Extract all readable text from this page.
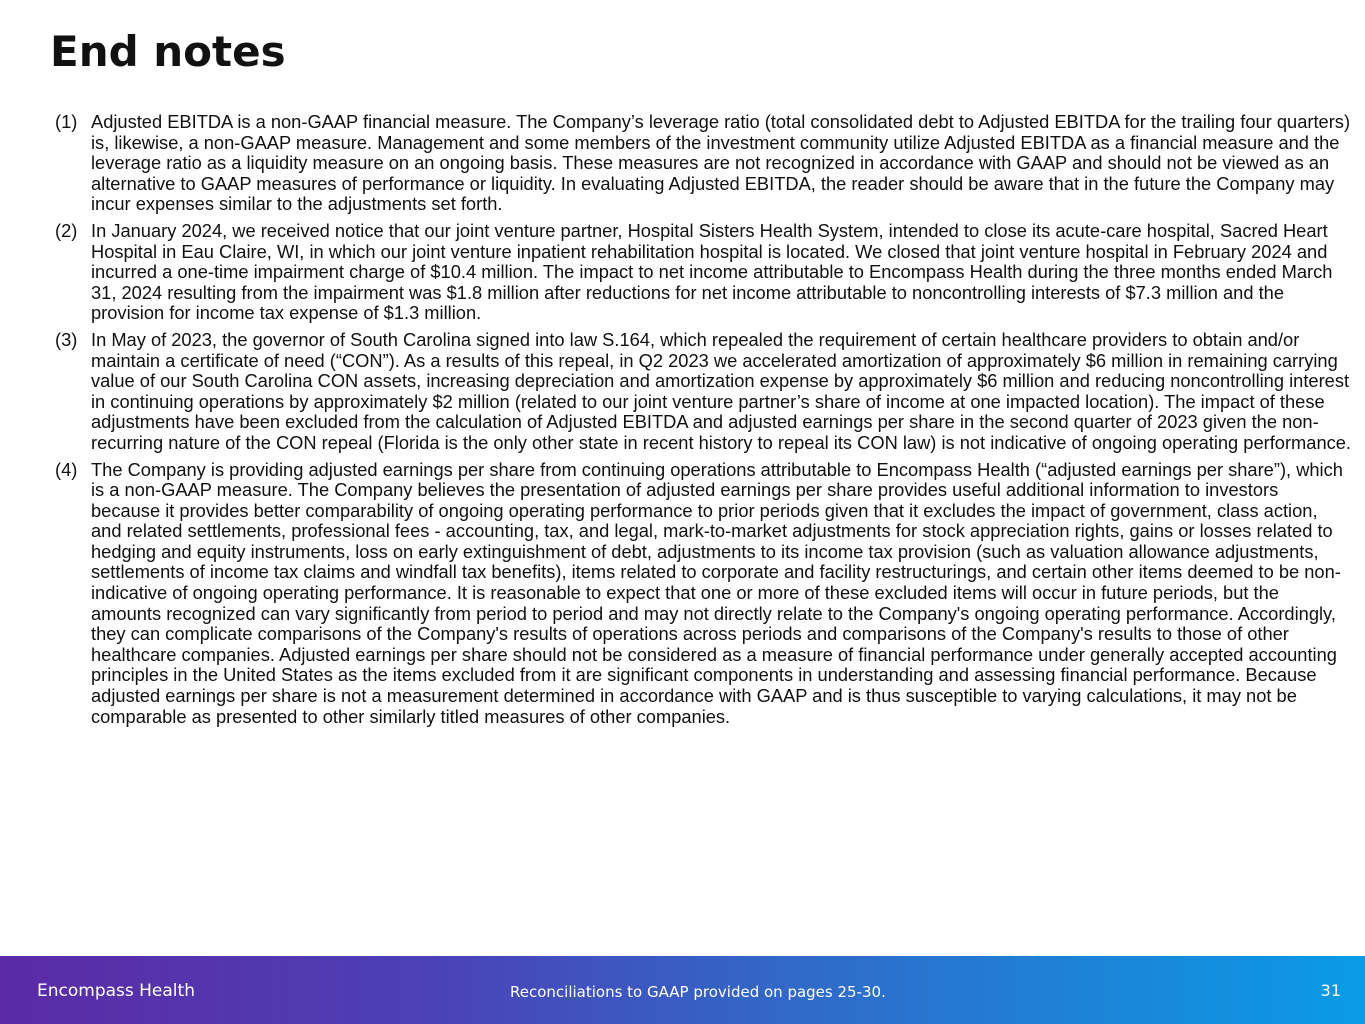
End notes
(1) Adjusted EBITDA is a non-GAAP financial measure. The Company’s leverage ratio (total consolidated debt to Adjusted EBITDA for the trailing four quarters) is, likewise, a non-GAAP measure. Management and some members of the investment community utilize Adjusted EBITDA as a financial measure and the leverage ratio as a liquidity measure on an ongoing basis. These measures are not recognized in accordance with GAAP and should not be viewed as an alternative to GAAP measures of performance or liquidity. In evaluating Adjusted EBITDA, the reader should be aware that in the future the Company may incur expenses similar to the adjustments set forth.
(2) In January 2024, we received notice that our joint venture partner, Hospital Sisters Health System, intended to close its acute-care hospital, Sacred Heart Hospital in Eau Claire, WI, in which our joint venture inpatient rehabilitation hospital is located. We closed that joint venture hospital in February 2024 and incurred a one-time impairment charge of $10.4 million. The impact to net income attributable to Encompass Health during the three months ended March 31, 2024 resulting from the impairment was $1.8 million after reductions for net income attributable to noncontrolling interests of $7.3 million and the provision for income tax expense of $1.3 million.
(3) In May of 2023, the governor of South Carolina signed into law S.164, which repealed the requirement of certain healthcare providers to obtain and/or maintain a certificate of need (“CON”). As a results of this repeal, in Q2 2023 we accelerated amortization of approximately $6 million in remaining carrying value of our South Carolina CON assets, increasing depreciation and amortization expense by approximately $6 million and reducing noncontrolling interest in continuing operations by approximately $2 million (related to our joint venture partner’s share of income at one impacted location). The impact of these adjustments have been excluded from the calculation of Adjusted EBITDA and adjusted earnings per share in the second quarter of 2023 given the non-recurring nature of the CON repeal (Florida is the only other state in recent history to repeal its CON law) is not indicative of ongoing operating performance.
(4) The Company is providing adjusted earnings per share from continuing operations attributable to Encompass Health (“adjusted earnings per share”), which is a non-GAAP measure. The Company believes the presentation of adjusted earnings per share provides useful additional information to investors because it provides better comparability of ongoing operating performance to prior periods given that it excludes the impact of government, class action, and related settlements, professional fees - accounting, tax, and legal, mark-to-market adjustments for stock appreciation rights, gains or losses related to hedging and equity instruments, loss on early extinguishment of debt, adjustments to its income tax provision (such as valuation allowance adjustments, settlements of income tax claims and windfall tax benefits), items related to corporate and facility restructurings, and certain other items deemed to be non-indicative of ongoing operating performance. It is reasonable to expect that one or more of these excluded items will occur in future periods, but the amounts recognized can vary significantly from period to period and may not directly relate to the Company's ongoing operating performance. Accordingly, they can complicate comparisons of the Company's results of operations across periods and comparisons of the Company's results to those of other healthcare companies. Adjusted earnings per share should not be considered as a measure of financial performance under generally accepted accounting principles in the United States as the items excluded from it are significant components in understanding and assessing financial performance. Because adjusted earnings per share is not a measurement determined in accordance with GAAP and is thus susceptible to varying calculations, it may not be comparable as presented to other similarly titled measures of other companies.
Encompass Health	Reconciliations to GAAP provided on pages 25-30.	31
